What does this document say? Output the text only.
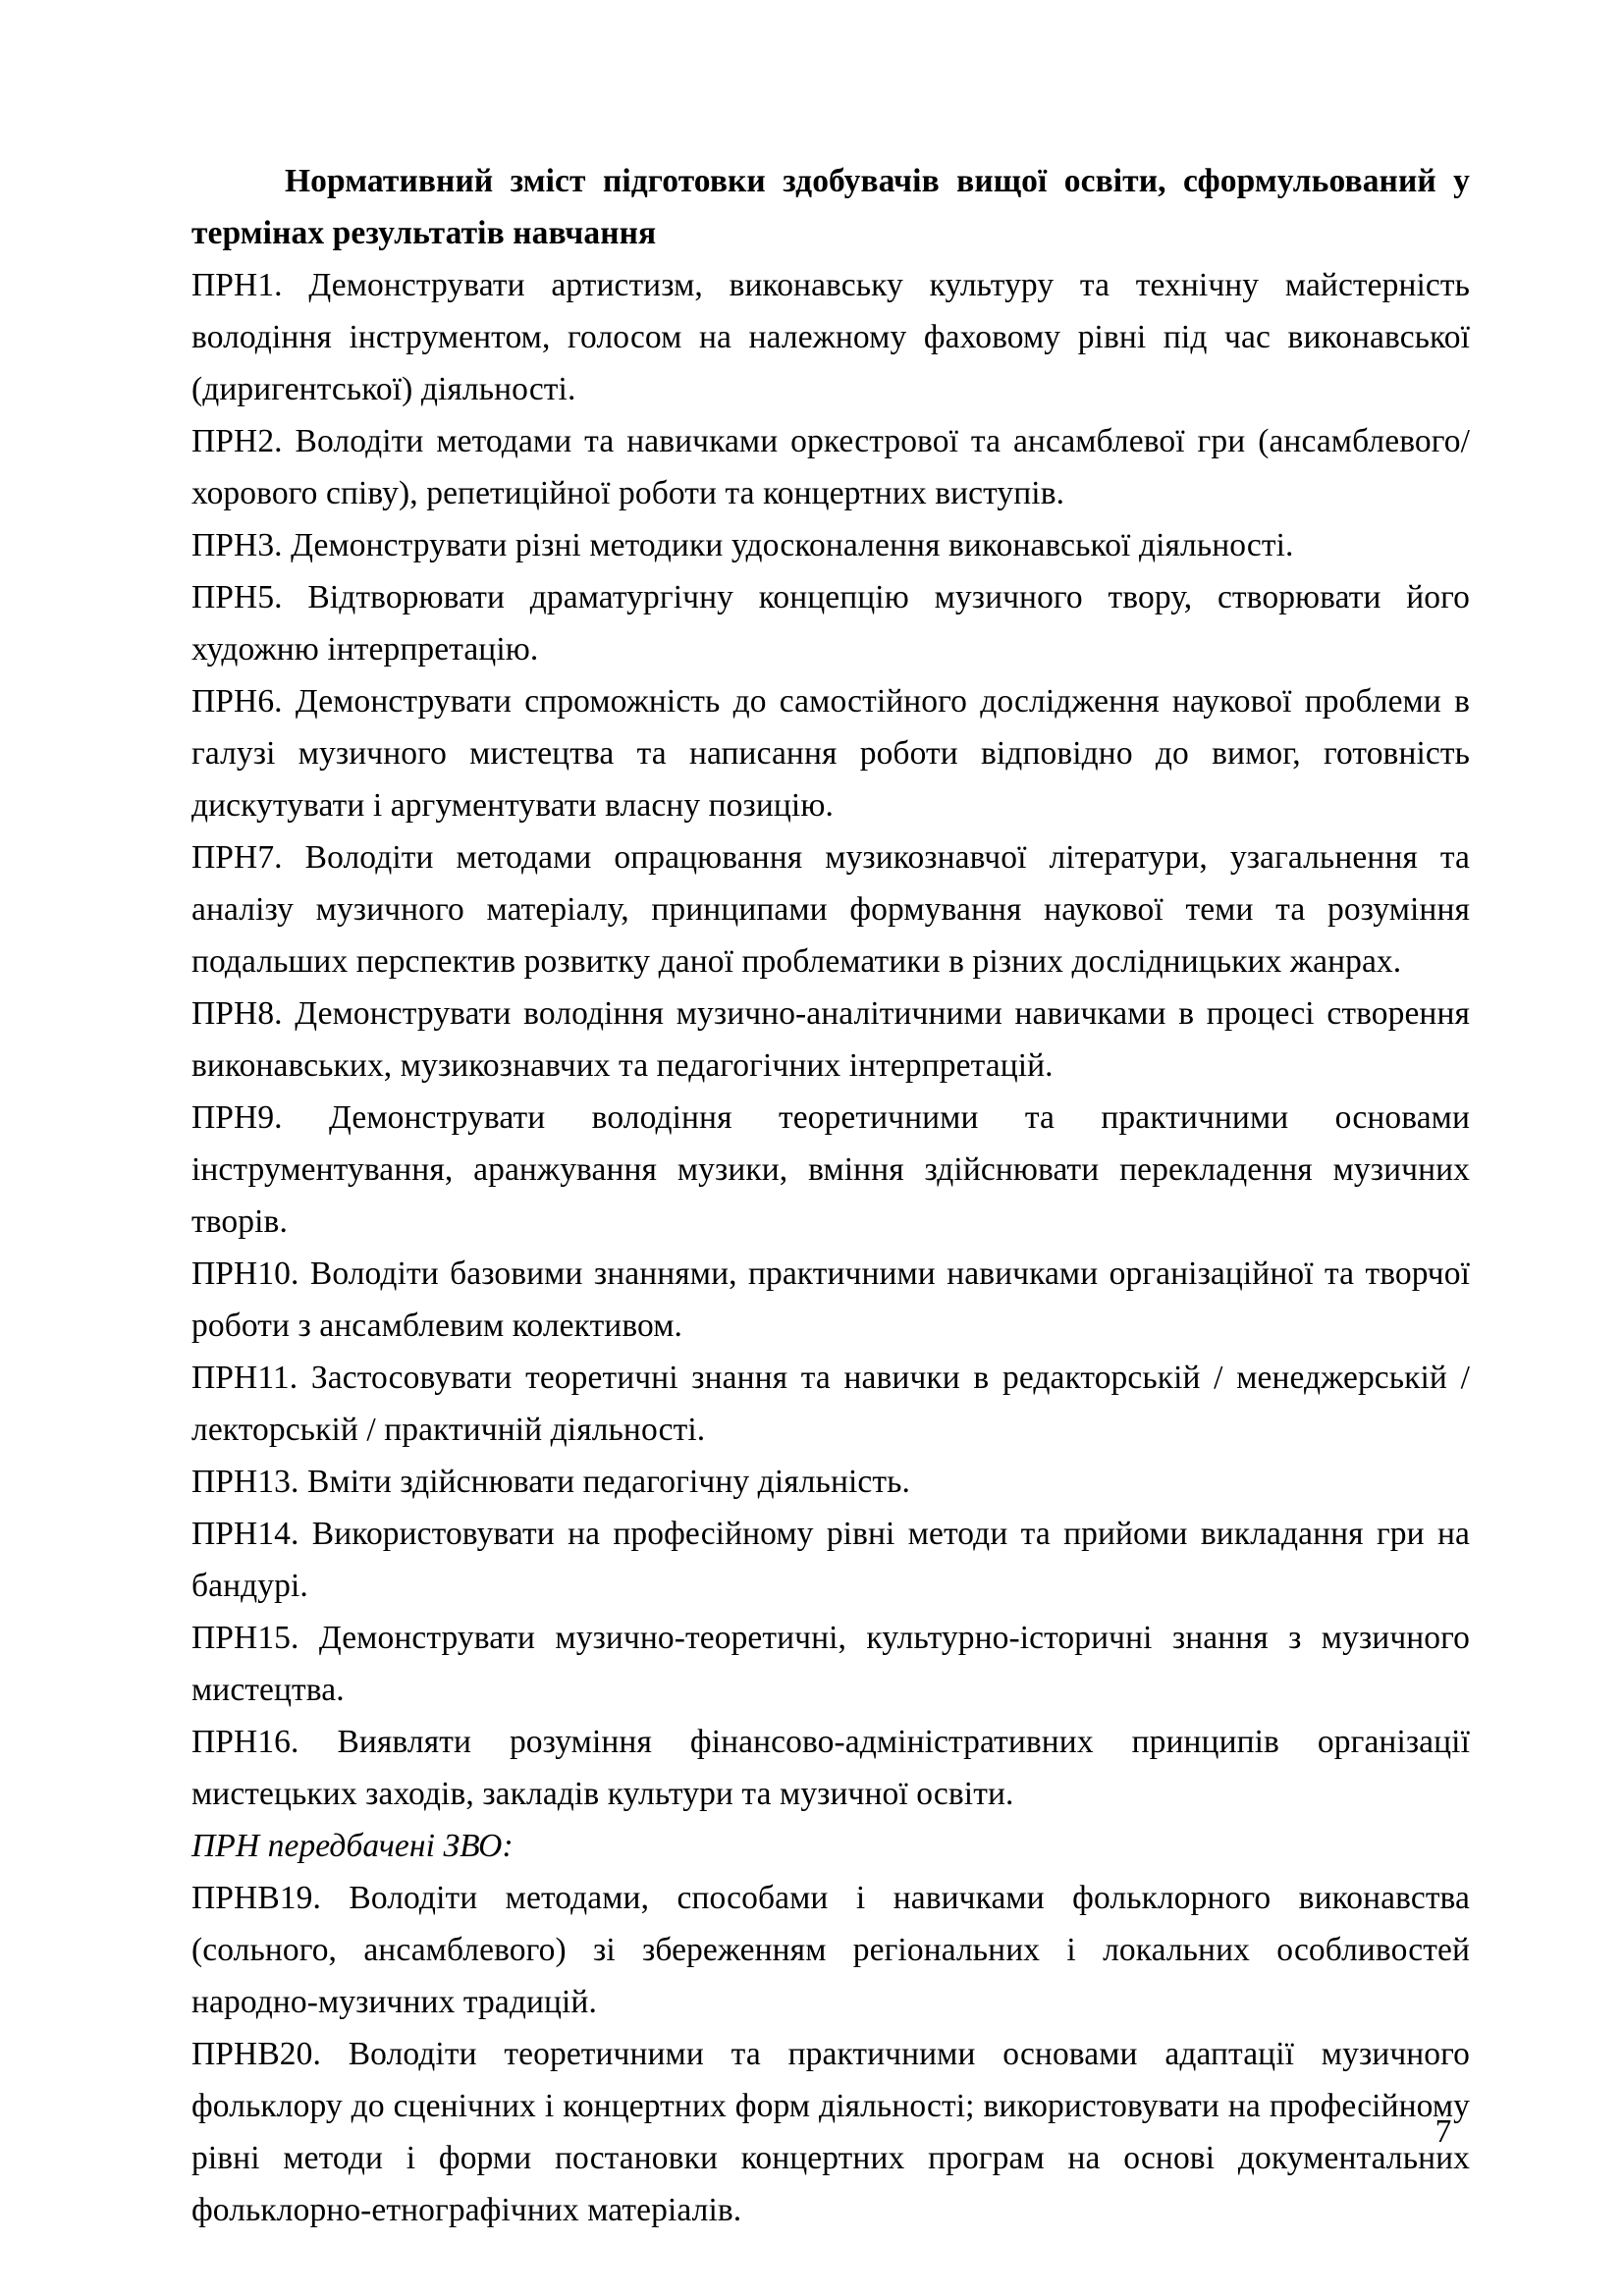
Нормативний зміст підготовки здобувачів вищої освіти, сформульований у термінах результатів навчання

ПРН1. Демонструвати артистизм, виконавську культуру та технічну майстерність володіння інструментом, голосом на належному фаховому рівні під час виконавської (диригентської) діяльності.

ПРН2. Володіти методами та навичками оркестрової та ансамблевої гри (ансамблевого/ хорового співу), репетиційної роботи та концертних виступів.

ПРН3. Демонструвати різні методики удосконалення виконавської діяльності.

ПРН5. Відтворювати драматургічну концепцію музичного твору, створювати його художню інтерпретацію.

ПРН6. Демонструвати спроможність до самостійного дослідження наукової проблеми в галузі музичного мистецтва та написання роботи відповідно до вимог, готовність дискутувати і аргументувати власну позицію.

ПРН7. Володіти методами опрацювання музикознавчої літератури, узагальнення та аналізу музичного матеріалу, принципами формування наукової теми та розуміння подальших перспектив розвитку даної проблематики в різних дослідницьких жанрах.

ПРН8. Демонструвати володіння музично-аналітичними навичками в процесі створення виконавських, музикознавчих та педагогічних інтерпретацій.

ПРН9. Демонструвати володіння теоретичними та практичними основами інструментування, аранжування музики, вміння здійснювати перекладення музичних творів.

ПРН10. Володіти базовими знаннями, практичними навичками організаційної та творчої роботи з ансамблевим колективом.

ПРН11. Застосовувати теоретичні знання та навички в редакторській / менеджерській / лекторській / практичній діяльності.

ПРН13. Вміти здійснювати педагогічну діяльність.

ПРН14. Використовувати на професійному рівні методи та прийоми викладання гри на бандурі.

ПРН15. Демонструвати музично-теоретичні, культурно-історичні знання з музичного мистецтва.

ПРН16. Виявляти розуміння фінансово-адміністративних принципів організації мистецьких заходів, закладів культури та музичної освіти.

ПРН передбачені ЗВО:

ПРНВ19. Володіти методами, способами і навичками фольклорного виконавства (сольного, ансамблевого) зі збереженням регіональних і локальних особливостей народно-музичних традицій.

ПРНВ20. Володіти теоретичними та практичними основами адаптації музичного фольклору до сценічних і концертних форм діяльності; використовувати на професійному рівні методи і форми постановки концертних програм на основі документальних фольклорно-етнографічних матеріалів.

7
